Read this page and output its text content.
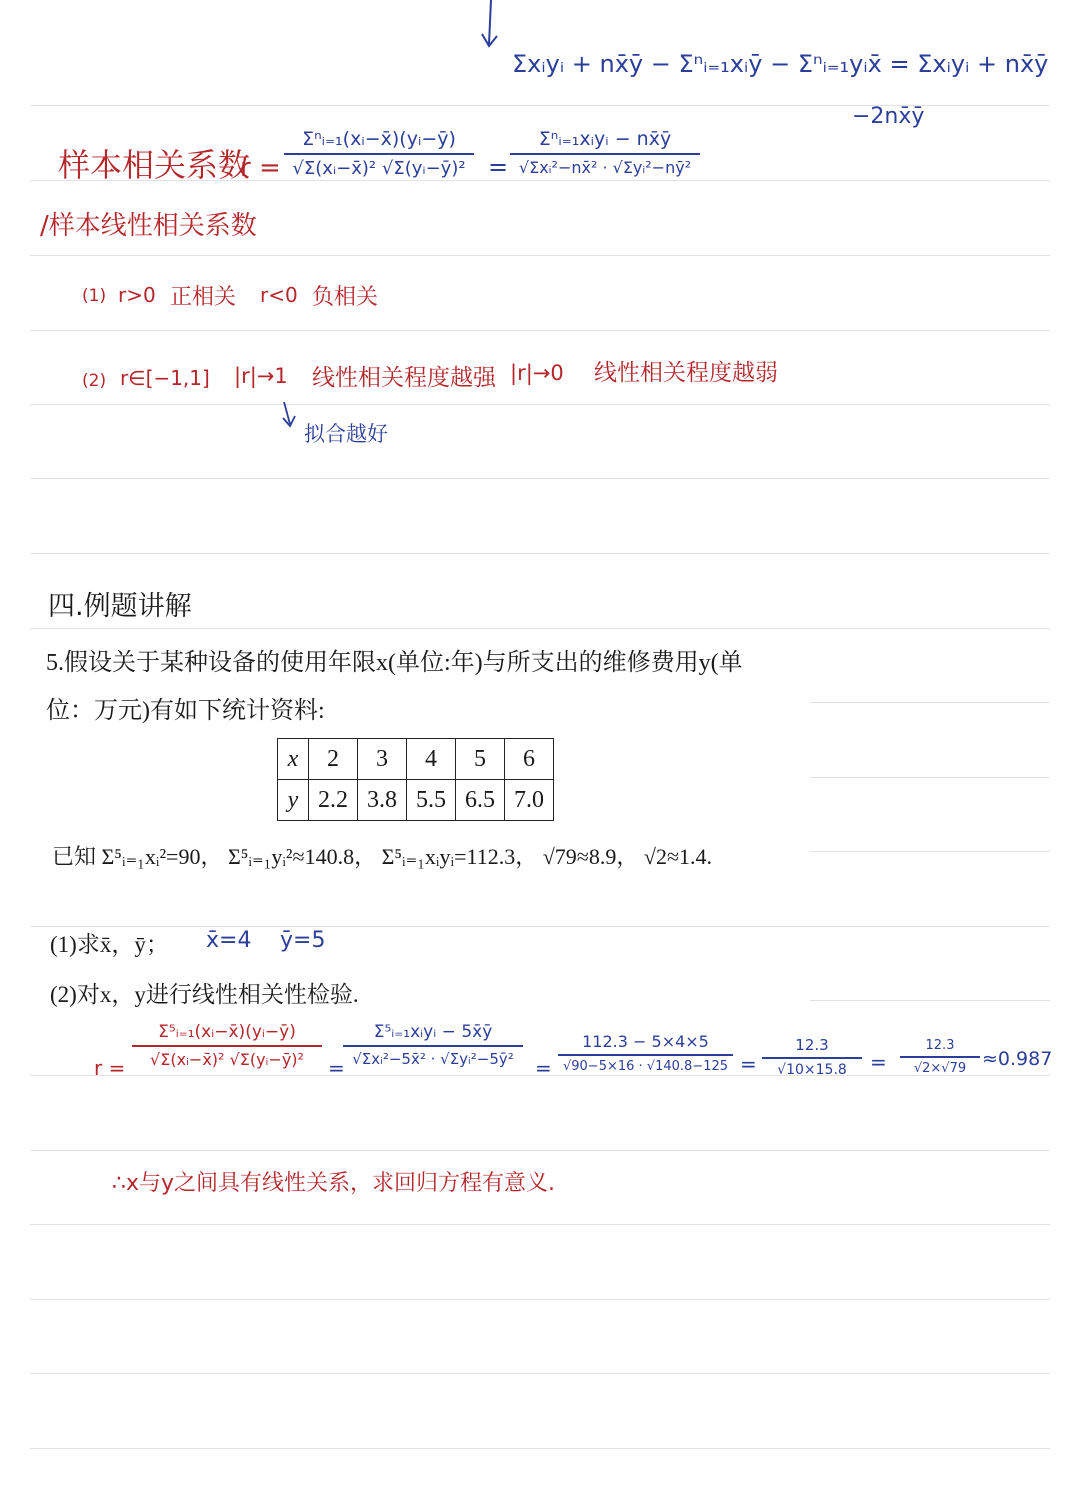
Σxᵢyᵢ + nx̄ȳ − Σⁿᵢ₌₁xᵢȳ − Σⁿᵢ₌₁yᵢx̄ = Σxᵢyᵢ + nx̄ȳ
−2nx̄ȳ
样本相关系数
/样本线性相关系数
r =
Σⁿᵢ₌₁(xᵢ−x̄)(yᵢ−ȳ)
√Σ(xᵢ−x̄)² √Σ(yᵢ−ȳ)² =
Σⁿᵢ₌₁xᵢyᵢ − nx̄ȳ
√Σxᵢ²−nx̄² · √Σyᵢ²−nȳ²
(1) r>0 正相关 r<0 负相关
(2) r∈[−1,1] |r|→1 线性相关程度越强 |r|→0 线性相关程度越弱
拟合越好
四.例题讲解
5.假设关于某种设备的使用年限x(单位:年)与所支出的维修费用y(单
位：万元)有如下统计资料:
x	2	3	4	5	6
y	2.2	3.8	5.5	6.5	7.0
已知 Σ⁵ᵢ₌₁xᵢ²=90， Σ⁵ᵢ₌₁yᵢ²≈140.8， Σ⁵ᵢ₌₁xᵢyᵢ=112.3， √79≈8.9， √2≈1.4.
(1)求x̄，ȳ； x̄=4 ȳ=5
(2)对x，y进行线性相关性检验.
r =
Σ⁵ᵢ₌₁(xᵢ−x̄)(yᵢ−ȳ)
√Σ(xᵢ−x̄)² √Σ(yᵢ−ȳ)² =
Σ⁵ᵢ₌₁xᵢyᵢ − 5x̄ȳ
√Σxᵢ²−5x̄² · √Σyᵢ²−5ȳ² =
112.3 − 5×4×5
√90−5×16 · √140.8−125 =
12.3
√10×15.8 =
12.3
√2×√79 ≈0.987
∴x与y之间具有线性关系，求回归方程有意义.
